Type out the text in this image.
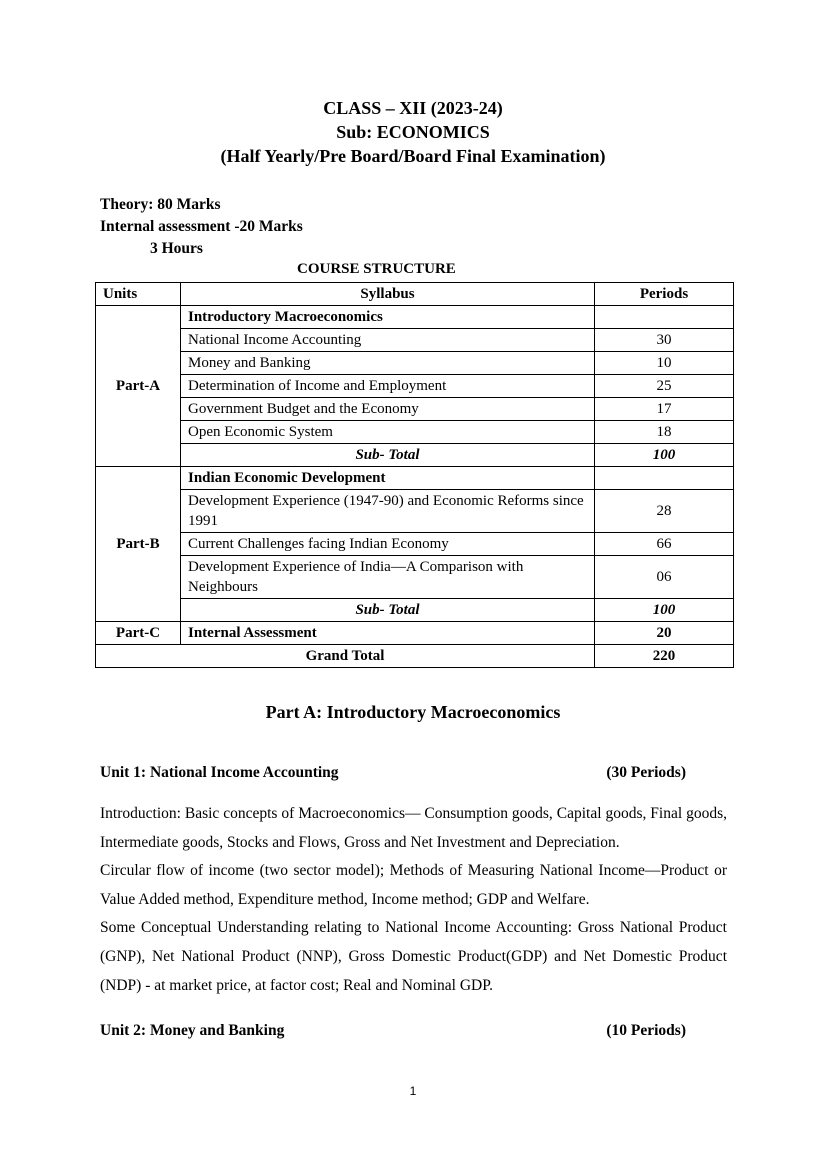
CLASS – XII (2023-24)
Sub: ECONOMICS
(Half Yearly/Pre Board/Board Final Examination)
Theory: 80 Marks
Internal assessment -20 Marks
3 Hours
COURSE STRUCTURE
Units	Syllabus	Periods
Part-A	Introductory Macroeconomics	
	National Income Accounting	30
	Money and Banking	10
	Determination of Income and Employment	25
	Government Budget and the Economy	17
	Open Economic System	18
	Sub- Total	100
Part-B	Indian Economic Development	
	Development Experience (1947-90) and Economic Reforms since 1991	28
	Current Challenges facing Indian Economy	66
	Development Experience of India—A Comparison with Neighbours	06
	Sub- Total	100
Part-C	Internal Assessment	20
Grand Total		220
Part A: Introductory Macroeconomics
Unit 1: National Income Accounting	(30 Periods)

Introduction: Basic concepts of Macroeconomics— Consumption goods, Capital goods, Final goods, Intermediate goods, Stocks and Flows, Gross and Net Investment and Depreciation.

Circular flow of income (two sector model); Methods of Measuring National Income—Product or Value Added method, Expenditure method, Income method; GDP and Welfare.

Some Conceptual Understanding relating to National Income Accounting: Gross National Product (GNP), Net National Product (NNP), Gross Domestic Product(GDP) and Net Domestic Product (NDP) - at market price, at factor cost; Real and Nominal GDP.

Unit 2: Money and Banking	(10 Periods)
1
